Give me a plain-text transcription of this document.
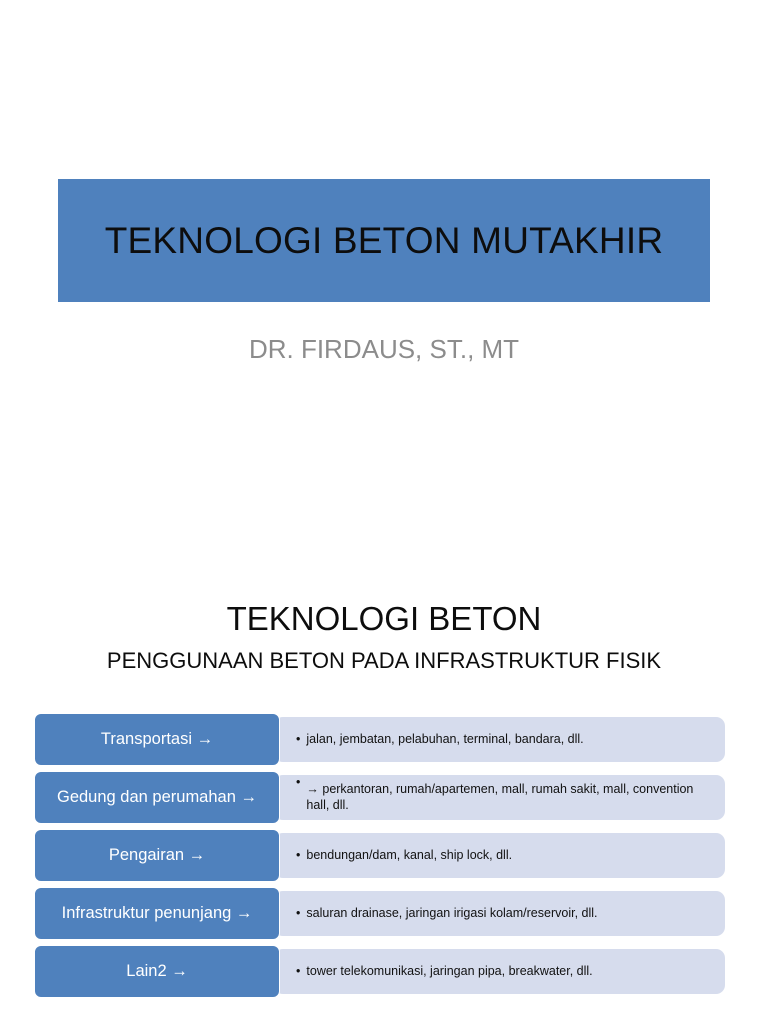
TEKNOLOGI BETON MUTAKHIR
DR. FIRDAUS, ST., MT
TEKNOLOGI BETON
PENGGUNAAN BETON PADA INFRASTRUKTUR FISIK
• jalan, jembatan, pelabuhan, terminal, bandara, dll.
Transportasi →
• → perkantoran, rumah/apartemen, mall, rumah sakit, mall, convention hall, dll.
Gedung dan perumahan →
• bendungan/dam, kanal, ship lock, dll.
Pengairan →
• saluran drainase, jaringan irigasi kolam/reservoir, dll.
Infrastruktur penunjang →
• tower telekomunikasi, jaringan pipa, breakwater, dll.
Lain2 →
